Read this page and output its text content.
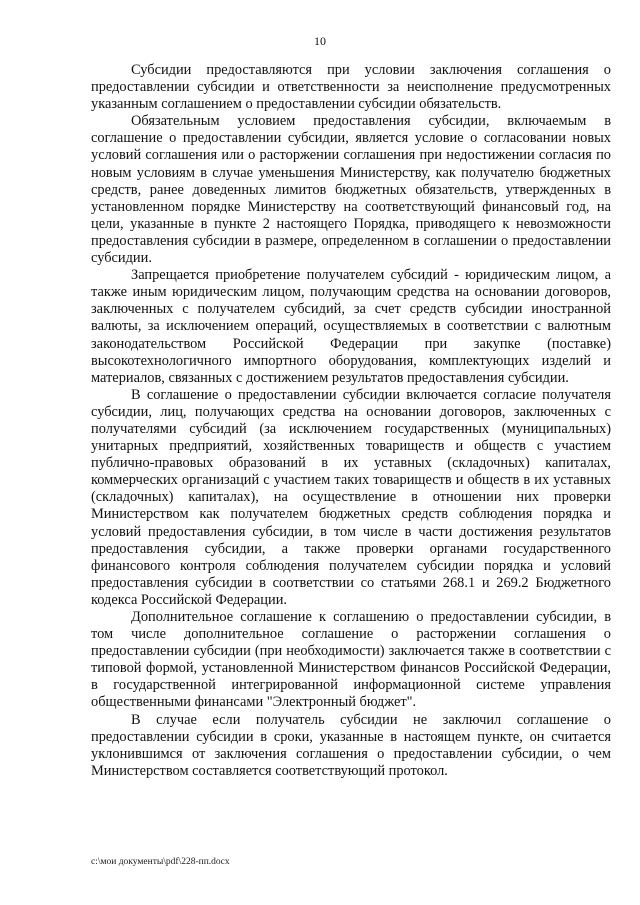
10

Субсидии предоставляются при условии заключения соглашения о предоставлении субсидии и ответственности за неисполнение предусмотренных указанным соглашением о предоставлении субсидии обязательств.

Обязательным условием предоставления субсидии, включаемым в соглашение о предоставлении субсидии, является условие о согласовании новых условий соглашения или о расторжении соглашения при недостижении согласия по новым условиям в случае уменьшения Министерству, как получателю бюджетных средств, ранее доведенных лимитов бюджетных обязательств, утвержденных в установленном порядке Министерству на соответствующий финансовый год, на цели, указанные в пункте 2 настоящего Порядка, приводящего к невозможности предоставления субсидии в размере, определенном в соглашении о предоставлении субсидии.

Запрещается приобретение получателем субсидий - юридическим лицом, а также иным юридическим лицом, получающим средства на основании договоров, заключенных с получателем субсидий, за счет средств субсидии иностранной валюты, за исключением операций, осуществляемых в соответствии с валютным законодательством Российской Федерации при закупке (поставке) высокотехнологичного импортного оборудования, комплектующих изделий и материалов, связанных с достижением результатов предоставления субсидии.

В соглашение о предоставлении субсидии включается согласие получателя субсидии, лиц, получающих средства на основании договоров, заключенных с получателями субсидий (за исключением государственных (муниципальных) унитарных предприятий, хозяйственных товариществ и обществ с участием публично-правовых образований в их уставных (складочных) капиталах, коммерческих организаций с участием таких товариществ и обществ в их уставных (складочных) капиталах), на осуществление в отношении них проверки Министерством как получателем бюджетных средств соблюдения порядка и условий предоставления субсидии, в том числе в части достижения результатов предоставления субсидии, а также проверки органами государственного финансового контроля соблюдения получателем субсидии порядка и условий предоставления субсидии в соответствии со статьями 268.1 и 269.2 Бюджетного кодекса Российской Федерации.

Дополнительное соглашение к соглашению о предоставлении субсидии, в том числе дополнительное соглашение о расторжении соглашения о предоставлении субсидии (при необходимости) заключается также в соответствии с типовой формой, установленной Министерством финансов Российской Федерации, в государственной интегрированной информационной системе управления общественными финансами "Электронный бюджет".

В случае если получатель субсидии не заключил соглашение о предоставлении субсидии в сроки, указанные в настоящем пункте, он считается уклонившимся от заключения соглашения о предоставлении субсидии, о чем Министерством составляется соответствующий протокол.

c:\мои документы\pdf\228-пп.docx
